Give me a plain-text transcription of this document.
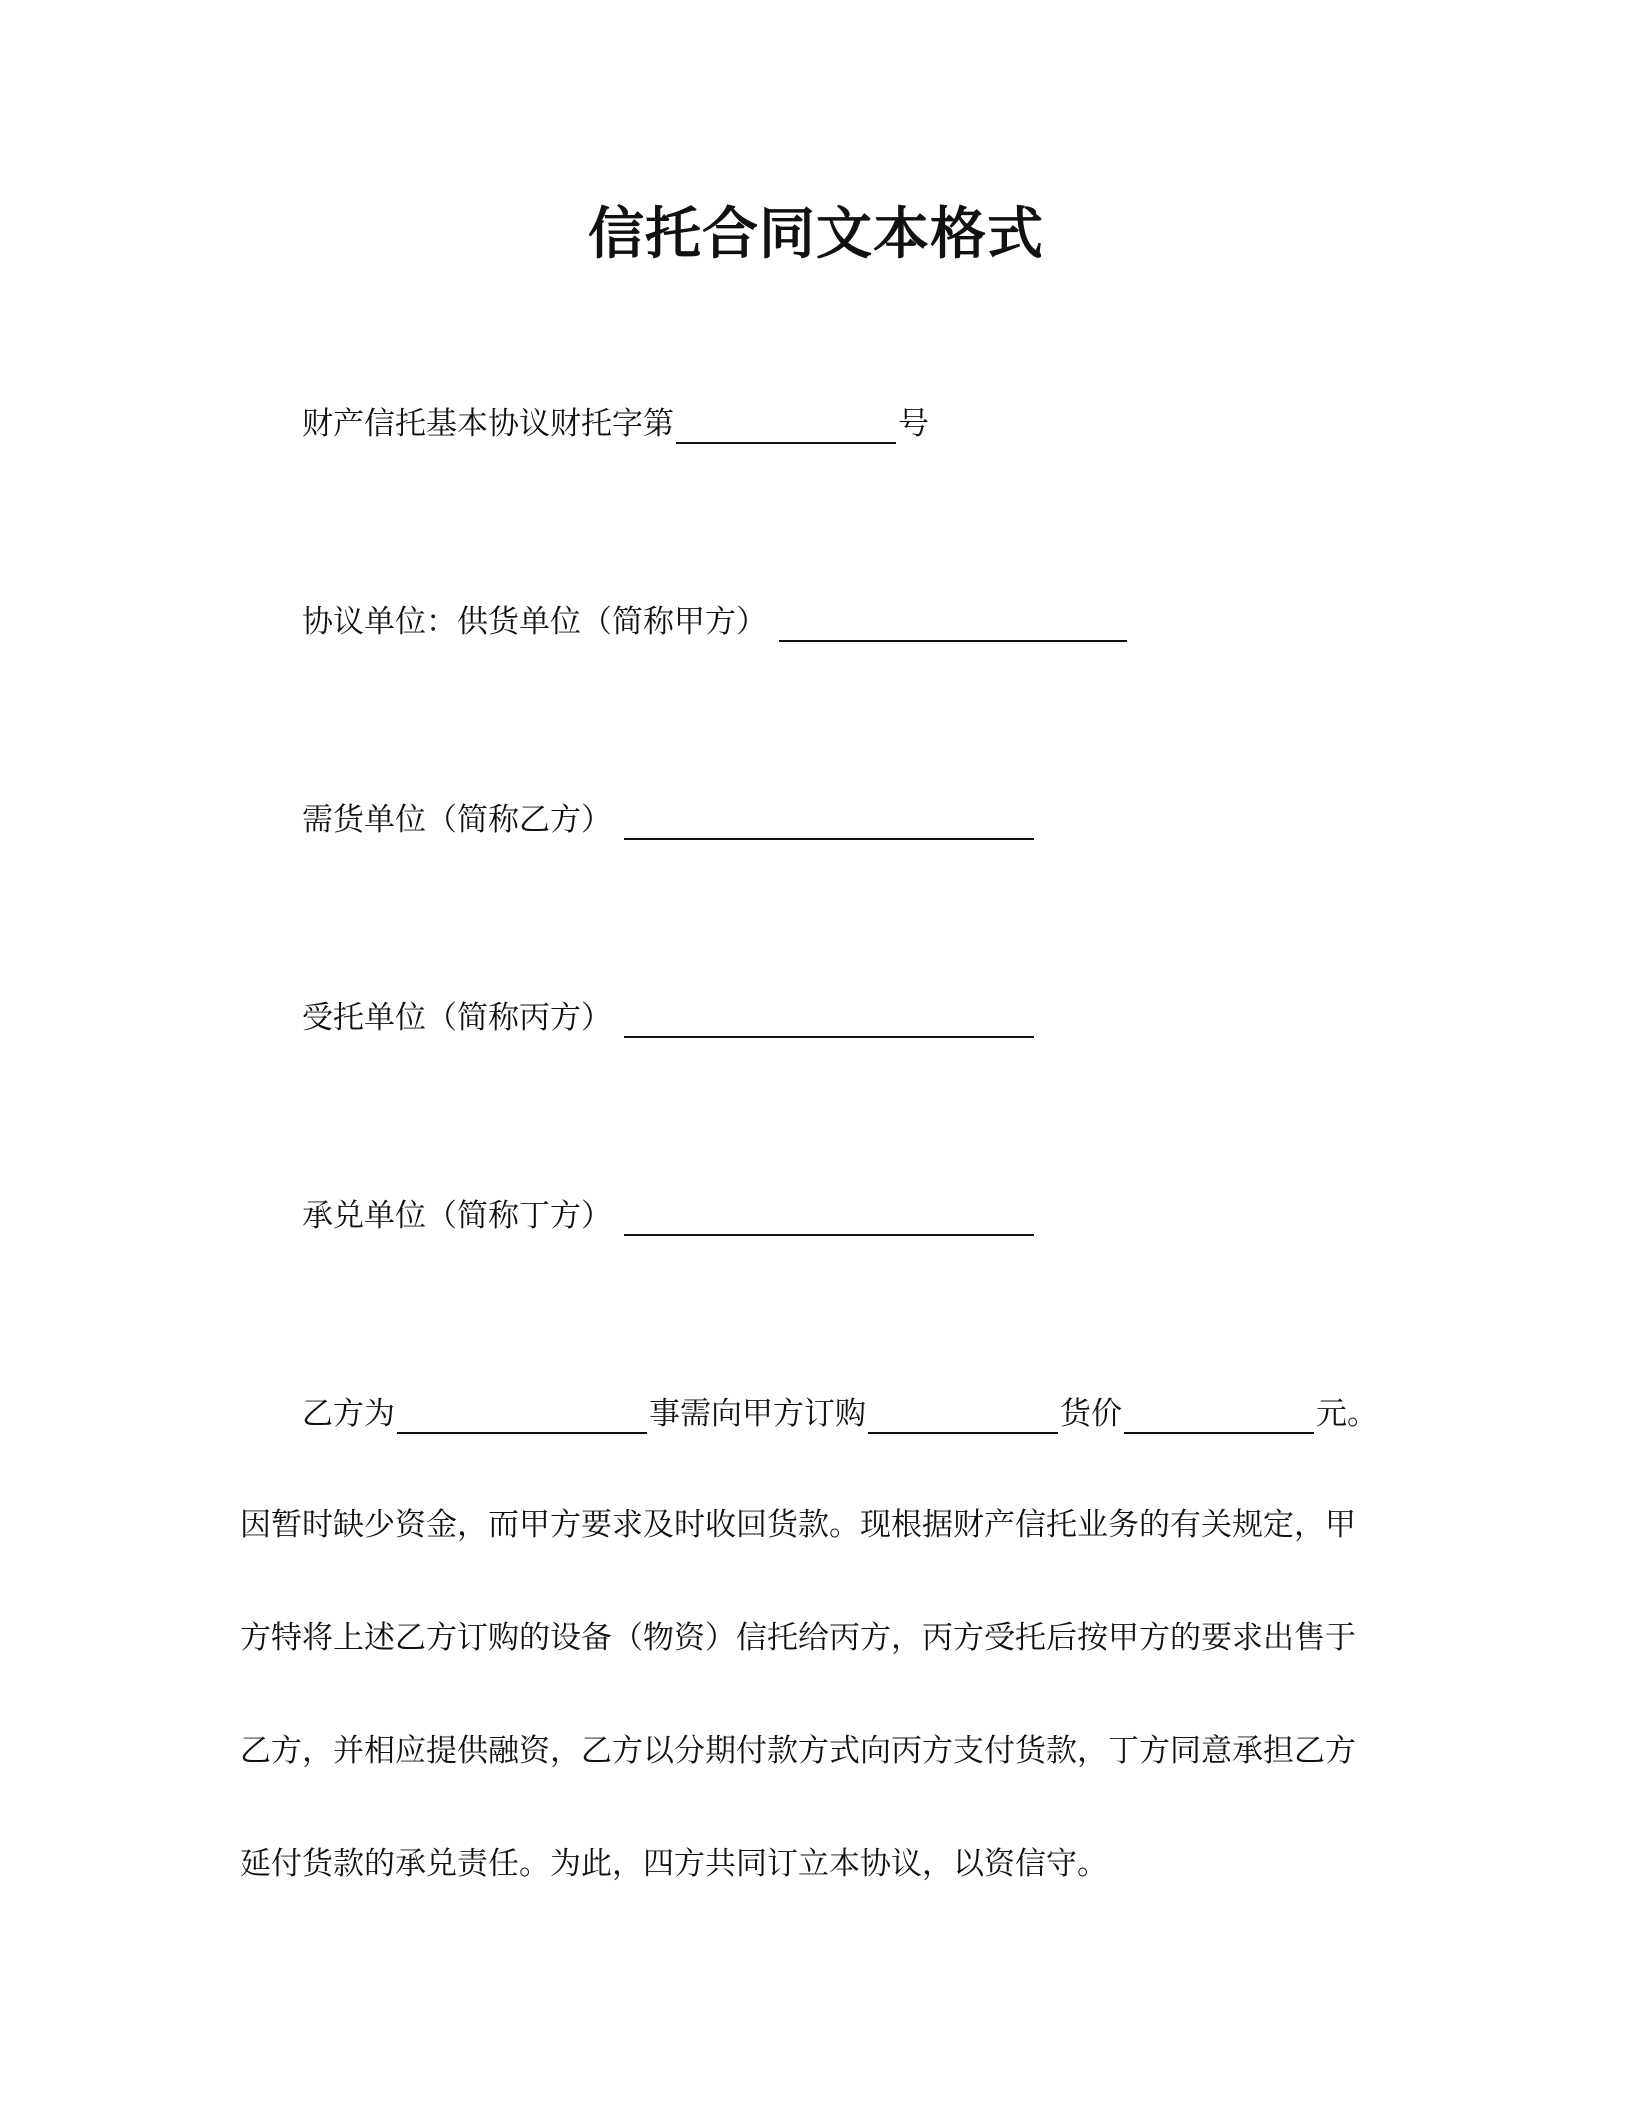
信托合同文本格式
财产信托基本协议财托字第	号
协议单位：供货单位（简称甲方）
需货单位（简称乙方）
受托单位（简称丙方）
承兑单位（简称丁方）
乙方为	事需向甲方订购	货价	元。
因暂时缺少资金，而甲方要求及时收回货款。现根据财产信托业务的有关规定，甲
方特将上述乙方订购的设备（物资）信托给丙方，丙方受托后按甲方的要求出售于
乙方，并相应提供融资，乙方以分期付款方式向丙方支付货款，丁方同意承担乙方
延付货款的承兑责任。为此，四方共同订立本协议，以资信守。
